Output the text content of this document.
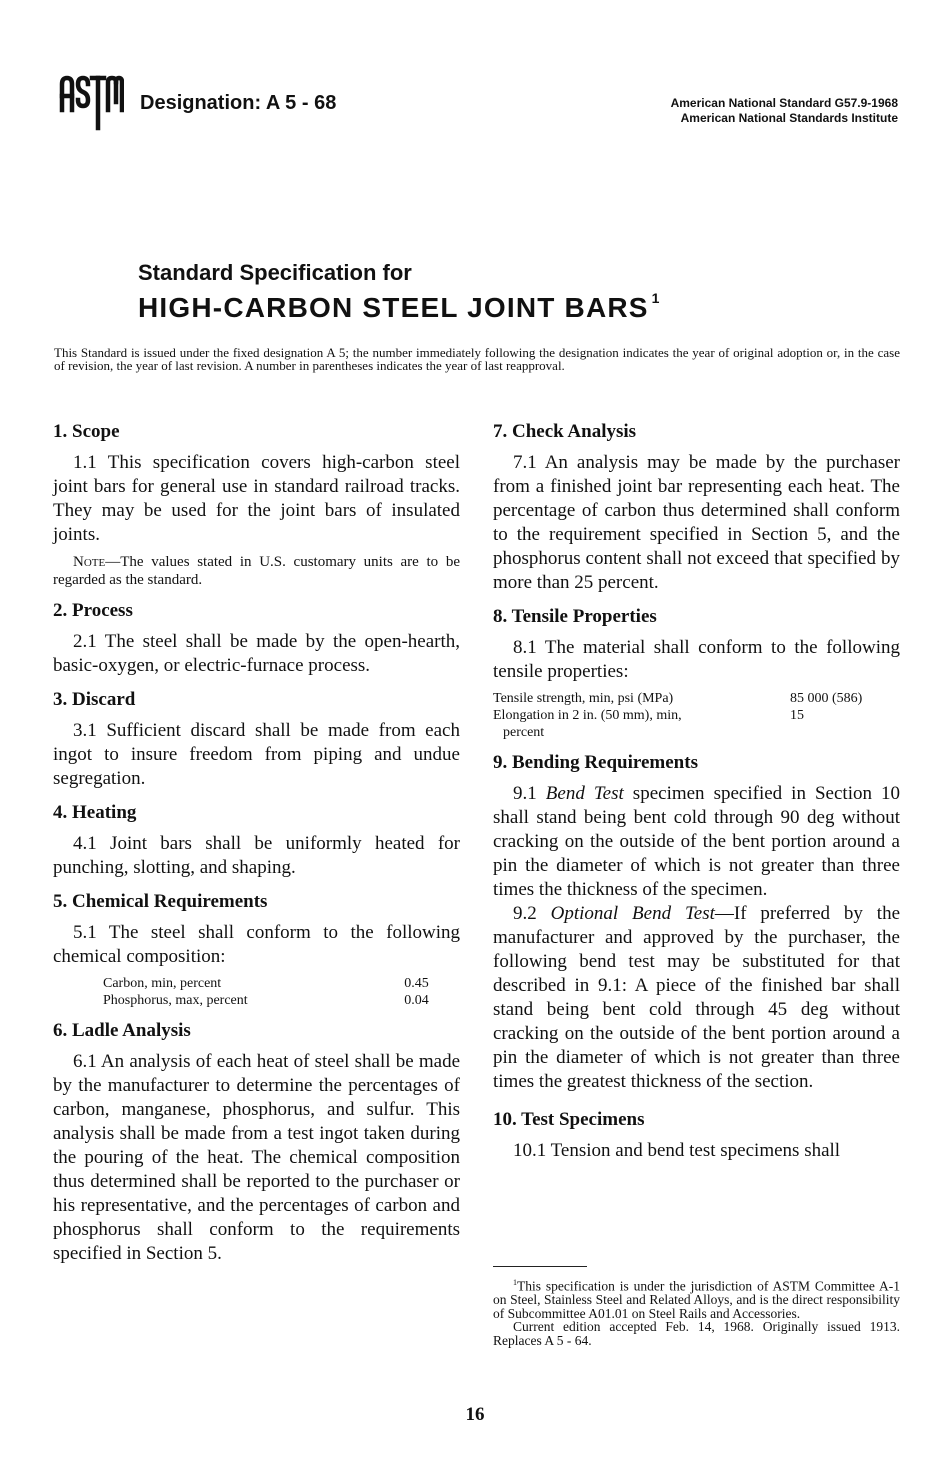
Designation: A 5 - 68	American National Standard G57.9-1968
American National Standards Institute
Standard Specification for
HIGH-CARBON STEEL JOINT BARS $^1$
This Standard is issued under the fixed designation A 5; the number immediately following the designation indicates the year of original adoption or, in the case of revision, the year of last revision. A number in parentheses indicates the year of last reapproval.
1. Scope

1.1 This specification covers high-carbon steel joint bars for general use in standard railroad tracks. They may be used for the joint bars of insulated joints.

Note—The values stated in U.S. customary units are to be regarded as the standard.

2. Process

2.1 The steel shall be made by the open-hearth, basic-oxygen, or electric-furnace process.

3. Discard

3.1 Sufficient discard shall be made from each ingot to insure freedom from piping and undue segregation.

4. Heating

4.1 Joint bars shall be uniformly heated for punching, slotting, and shaping.

5. Chemical Requirements

5.1 The steel shall conform to the following chemical composition:

Carbon, min, percent	0.45
Phosphorus, max, percent	0.04
6. Ladle Analysis

6.1 An analysis of each heat of steel shall be made by the manufacturer to determine the percentages of carbon, manganese, phosphorus, and sulfur. This analysis shall be made from a test ingot taken during the pouring of the heat. The chemical composition thus determined shall be reported to the purchaser or his representative, and the percentages of carbon and phosphorus shall conform to the requirements specified in Section 5.

7. Check Analysis

7.1 An analysis may be made by the purchaser from a finished joint bar representing each heat. The percentage of carbon thus determined shall conform to the requirement specified in Section 5, and the phosphorus content shall not exceed that specified by more than 25 percent.

8. Tensile Properties

8.1 The material shall conform to the following tensile properties:

Tensile strength, min, psi (MPa)	85 000 (586)
Elongation in 2 in. (50 mm), min,
percent	15
9. Bending Requirements

9.1 Bend Test specimen specified in Section 10 shall stand being bent cold through 90 deg without cracking on the outside of the bent portion around a pin the diameter of which is not greater than three times the thickness of the specimen.

9.2 Optional Bend Test—If preferred by the manufacturer and approved by the purchaser, the following bend test may be substituted for that described in 9.1: A piece of the finished bar shall stand being bent cold through 45 deg without cracking on the outside of the bent portion around a pin the diameter of which is not greater than three times the greatest thickness of the section.

10. Test Specimens

10.1 Tension and bend test specimens shall

$^1$This specification is under the jurisdiction of ASTM Committee A-1 on Steel, Stainless Steel and Related Alloys, and is the direct responsibility of Subcommittee A01.01 on Steel Rails and Accessories.

Current edition accepted Feb. 14, 1968. Originally issued 1913. Replaces A 5 - 64.

16
